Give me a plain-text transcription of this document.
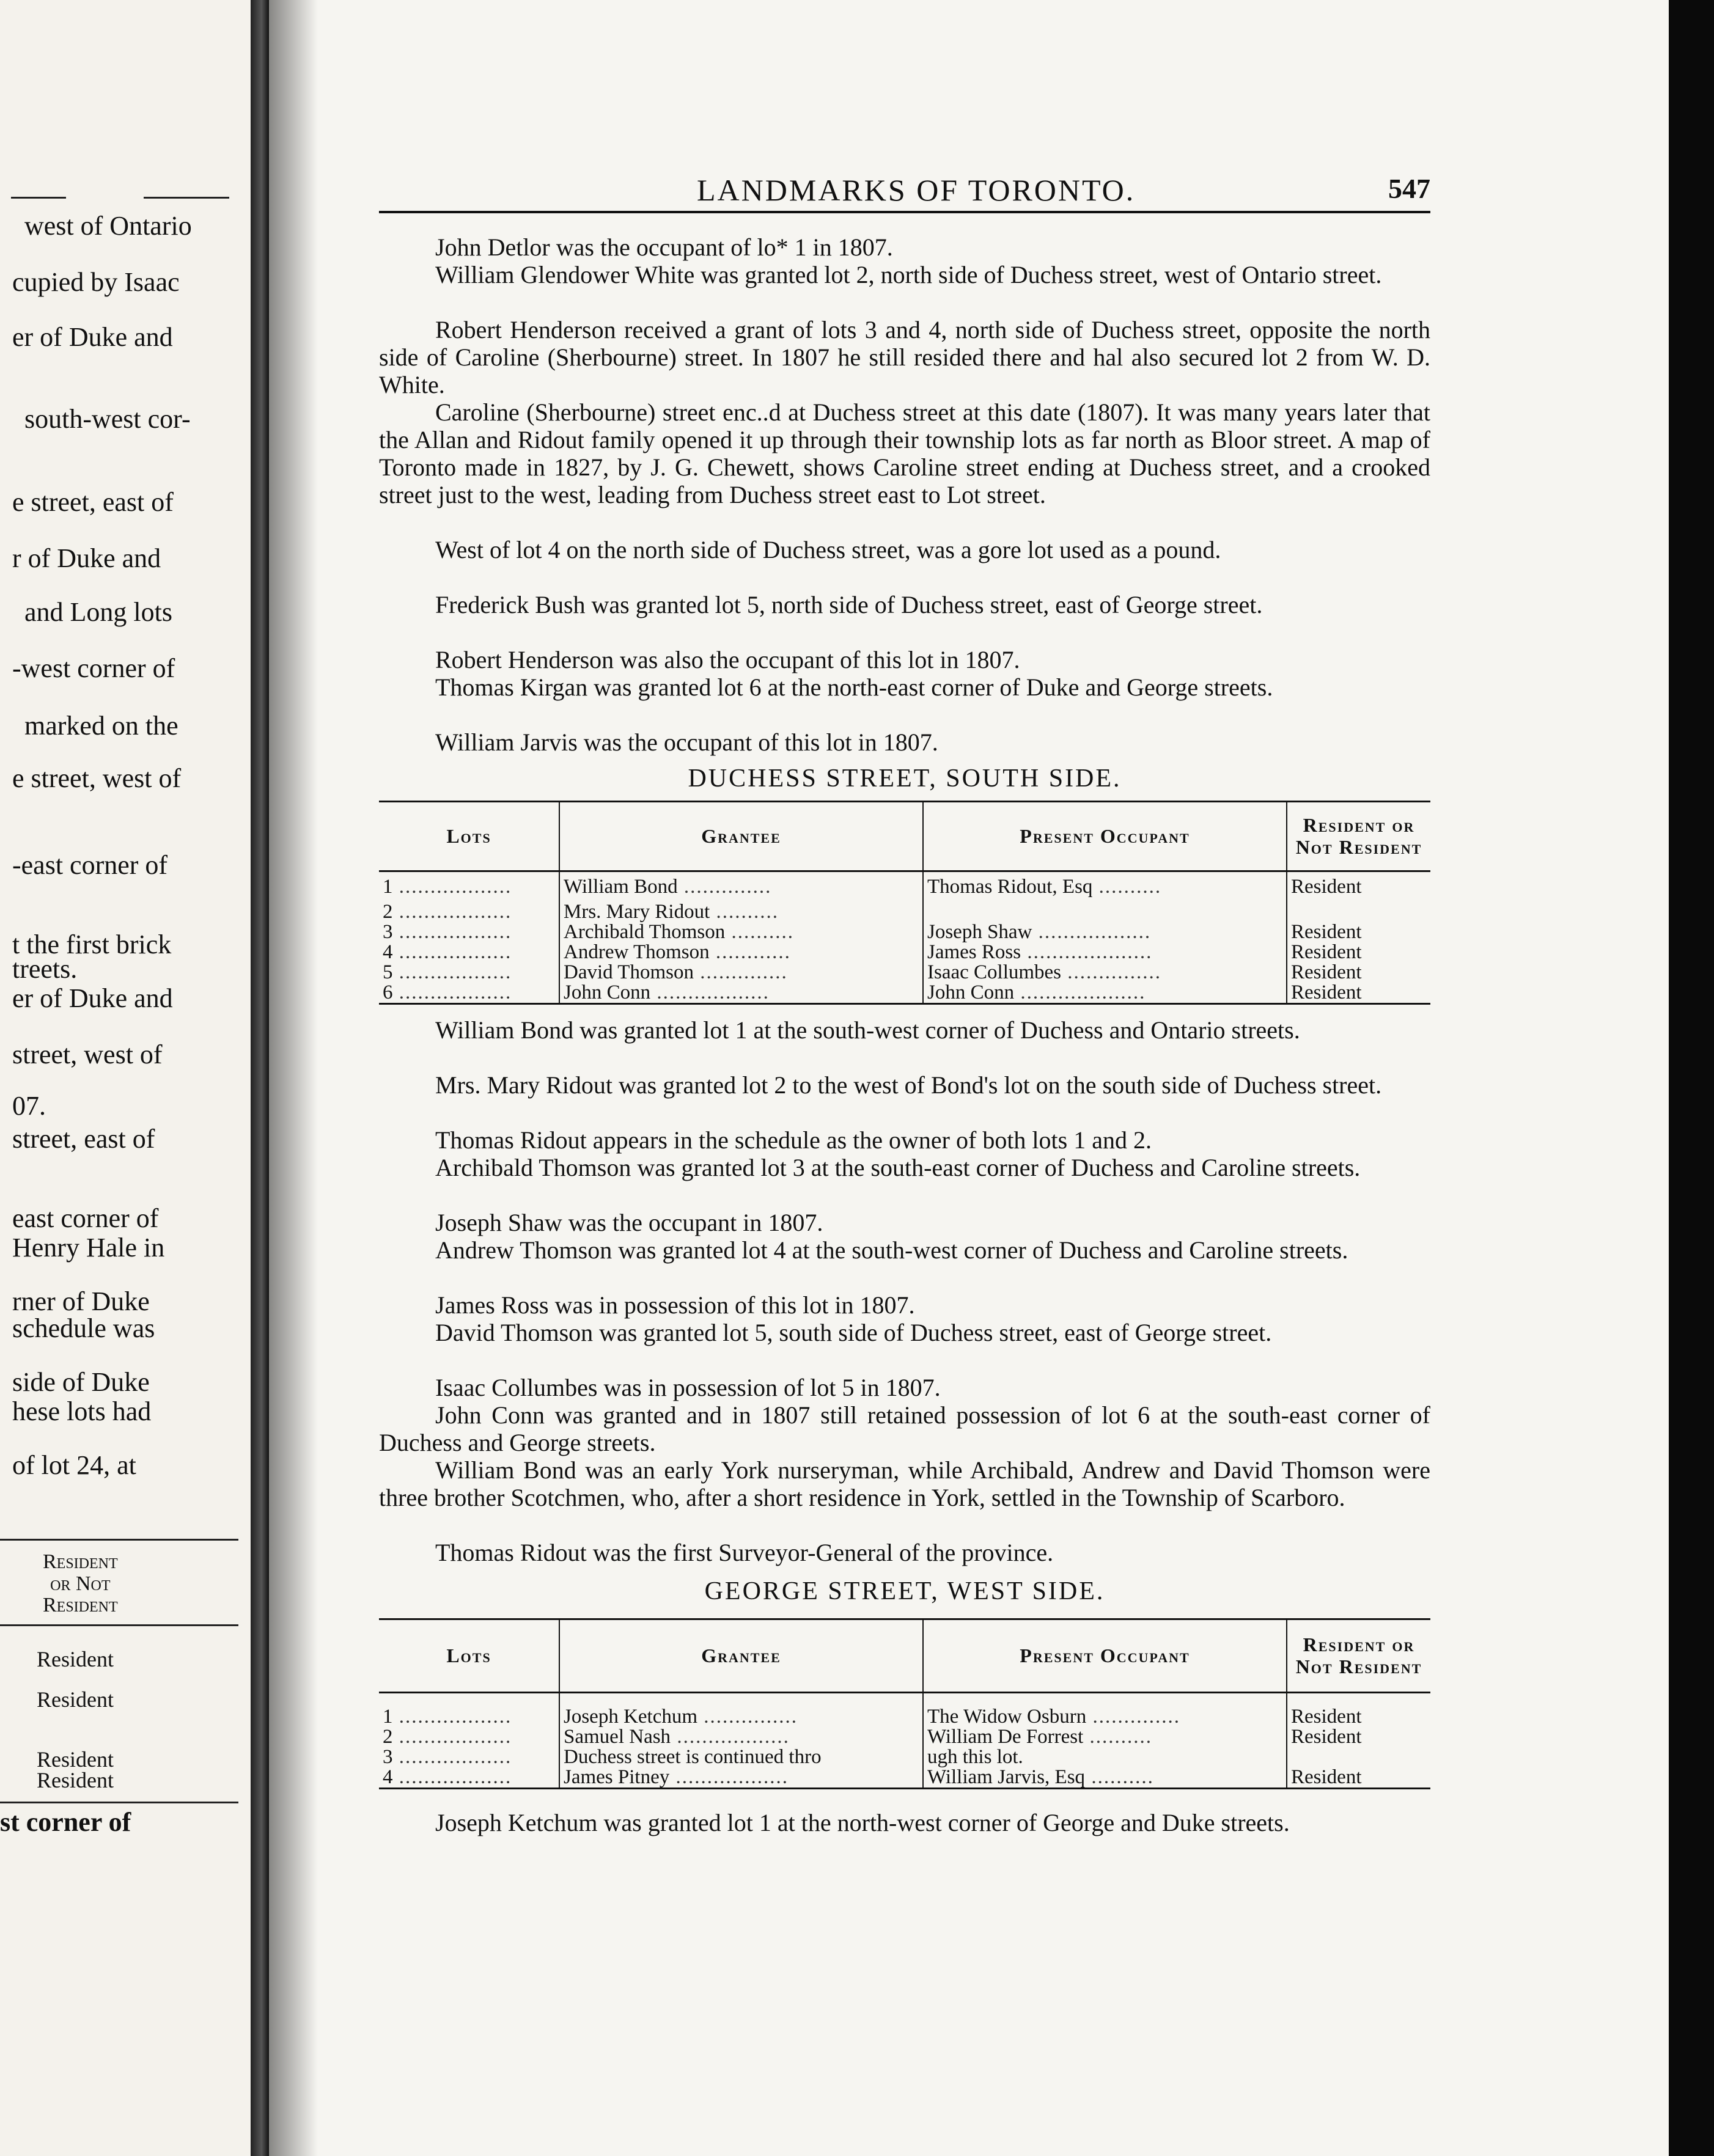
west of Ontario
cupied by Isaac
er of Duke and
south-west cor-
e street, east of
r of Duke and
and Long lots
-west corner of
marked on the
e street, west of
-east corner of
t the first brick
treets.
er of Duke and
street, west of
07.
street, east of
east corner of
Henry Hale in
rner of Duke
schedule was
side of Duke
hese lots had
of lot 24, at
Resident
or Not
Resident
Resident
Resident
Resident
Resident
st corner of
LANDMARKS OF TORONTO.	547

John Detlor was the occupant of lo* 1 in 1807.

William Glendower White was granted lot 2, north side of Duchess street, west of Ontario street.

Robert Henderson received a grant of lots 3 and 4, north side of Duchess street, opposite the north side of Caroline (Sherbourne) street. In 1807 he still resided there and hal also secured lot 2 from W. D. White.

Caroline (Sherbourne) street enc..d at Duchess street at this date (1807). It was many years later that the Allan and Ridout family opened it up through their township lots as far north as Bloor street. A map of Toronto made in 1827, by J. G. Chewett, shows Caroline street ending at Duchess street, and a crooked street just to the west, leading from Duchess street east to Lot street.

West of lot 4 on the north side of Duchess street, was a gore lot used as a pound.

Frederick Bush was granted lot 5, north side of Duchess street, east of George street.

Robert Henderson was also the occupant of this lot in 1807.

Thomas Kirgan was granted lot 6 at the north-east corner of Duke and George streets.

William Jarvis was the occupant of this lot in 1807.

DUCHESS STREET, SOUTH SIDE.
Lots	Grantee	Present Occupant	Resident or Not Resident
1 ..................	William Bond ..............	Thomas Ridout, Esq ..........	Resident
2 ..................	Mrs. Mary Ridout ..........		
3 ..................	Archibald Thomson ..........	Joseph Shaw ..................	Resident
4 ..................	Andrew Thomson ............	James Ross ....................	Resident
5 ..................	David Thomson ..............	Isaac Collumbes ...............	Resident
6 ..................	John Conn ..................	John Conn ....................	Resident

William Bond was granted lot 1 at the south-west corner of Duchess and Ontario streets.

Mrs. Mary Ridout was granted lot 2 to the west of Bond's lot on the south side of Duchess street.

Thomas Ridout appears in the schedule as the owner of both lots 1 and 2.

Archibald Thomson was granted lot 3 at the south-east corner of Duchess and Caroline streets.

Joseph Shaw was the occupant in 1807.

Andrew Thomson was granted lot 4 at the south-west corner of Duchess and Caroline streets.

James Ross was in possession of this lot in 1807.

David Thomson was granted lot 5, south side of Duchess street, east of George street.

Isaac Collumbes was in possession of lot 5 in 1807.

John Conn was granted and in 1807 still retained possession of lot 6 at the south-east corner of Duchess and George streets.

William Bond was an early York nurseryman, while Archibald, Andrew and David Thomson were three brother Scotchmen, who, after a short residence in York, settled in the Township of Scarboro.

Thomas Ridout was the first Surveyor-General of the province.

GEORGE STREET, WEST SIDE.
Lots	Grantee	Present Occupant	Resident or Not Resident
1 ..................	Joseph Ketchum ...............	The Widow Osburn ..............	Resident
2 ..................	Samuel Nash ..................	William De Forrest ..........	Resident
3 ..................	Duchess street is continued thro	ugh this lot.	
4 ..................	James Pitney ..................	William Jarvis, Esq ..........	Resident

Joseph Ketchum was granted lot 1 at the north-west corner of George and Duke streets.
